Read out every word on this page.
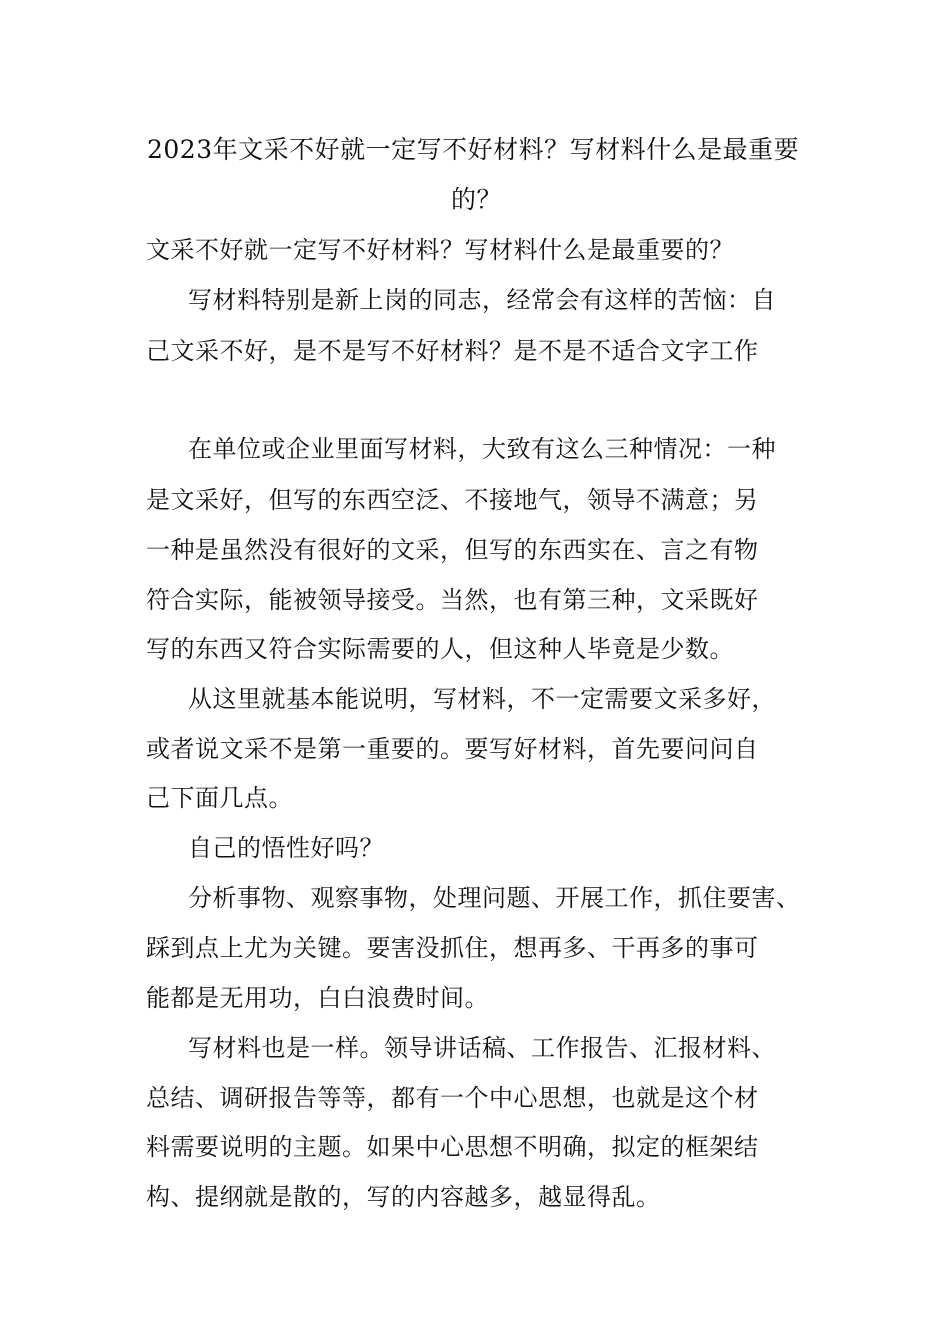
2023年文采不好就一定写不好材料？写材料什么是最重要
的？
文采不好就一定写不好材料？写材料什么是最重要的？
写材料特别是新上岗的同志，经常会有这样的苦恼：自
己文采不好，是不是写不好材料？是不是不适合文字工作
在单位或企业里面写材料，大致有这么三种情况：一种
是文采好，但写的东西空泛、不接地气，领导不满意；另
一种是虽然没有很好的文采，但写的东西实在、言之有物
符合实际，能被领导接受。当然，也有第三种，文采既好
写的东西又符合实际需要的人，但这种人毕竟是少数。
从这里就基本能说明，写材料，不一定需要文采多好，
或者说文采不是第一重要的。要写好材料，首先要问问自
己下面几点。
自己的悟性好吗？
分析事物、观察事物，处理问题、开展工作，抓住要害、
踩到点上尤为关键。要害没抓住，想再多、干再多的事可
能都是无用功，白白浪费时间。
写材料也是一样。领导讲话稿、工作报告、汇报材料、
总结、调研报告等等，都有一个中心思想，也就是这个材
料需要说明的主题。如果中心思想不明确，拟定的框架结
构、提纲就是散的，写的内容越多，越显得乱。
